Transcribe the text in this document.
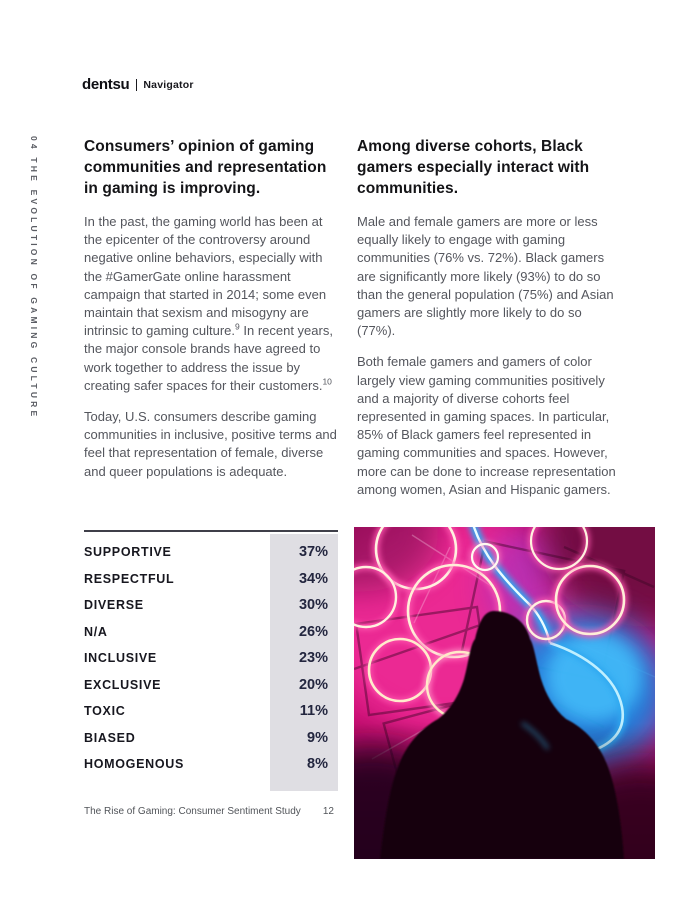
dentsu Navigator
04 THE EVOLUTION OF GAMING CULTURE	Consumers’ opinion of gaming communities and representation in gaming is improving.

In the past, the gaming world has been at the epicenter of the controversy around negative online behaviors, especially with the #GamerGate online harassment campaign that started in 2014; some even maintain that sexism and misogyny are intrinsic to gaming culture.$^9$ In recent years, the major console brands have agreed to work together to address the issue by creating safer spaces for their customers.$^{10}$

Today, U.S. consumers describe gaming communities in inclusive, positive terms and feel that representation of female, diverse and queer populations is adequate.

Among diverse cohorts, Black gamers especially interact with communities.

Male and female gamers are more or less equally likely to engage with gaming communities (76% vs. 72%). Black gamers are significantly more likely (93%) to do so than the general population (75%) and Asian gamers are slightly more likely to do so (77%).

Both female gamers and gamers of color largely view gaming communities positively and a majority of diverse cohorts feel represented in gaming spaces. In particular, 85% of Black gamers feel represented in gaming communities and spaces. However, more can be done to increase representation among women, Asian and Hispanic gamers.

SUPPORTIVE	37%
RESPECTFUL	34%
DIVERSE	30%
N/A	26%
INCLUSIVE	23%
EXCLUSIVE	20%
TOXIC	11%
BIASED	9%
HOMOGENOUS	8%
The Rise of Gaming: Consumer Sentiment Study	12
